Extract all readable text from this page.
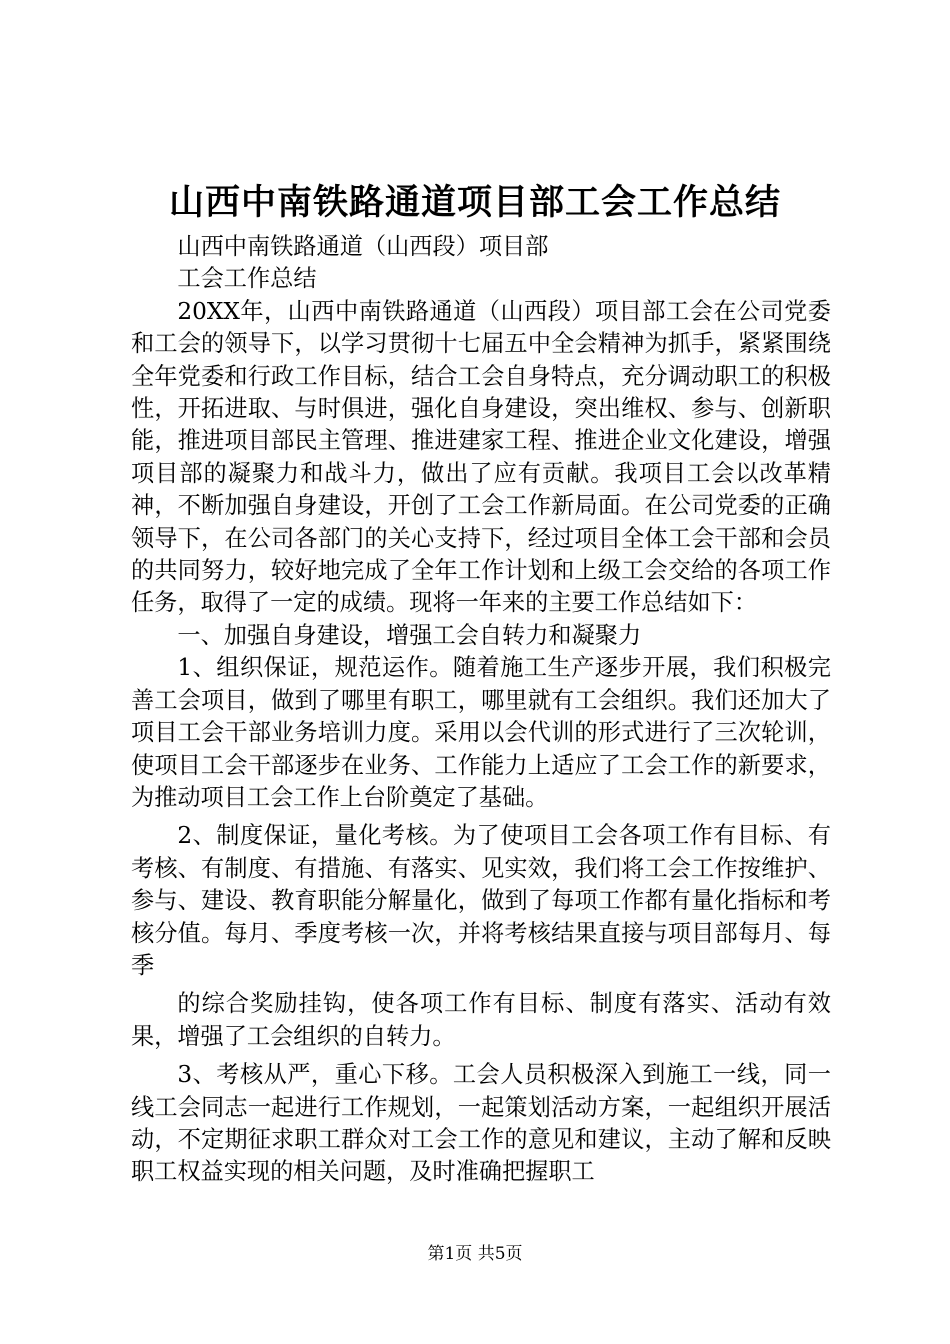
山西中南铁路通道项目部工会工作总结

山西中南铁路通道（山西段）项目部

工会工作总结

20XX年，山西中南铁路通道（山西段）项目部工会在公司党委和工会的领导下，以学习贯彻十七届五中全会精神为抓手，紧紧围绕全年党委和行政工作目标，结合工会自身特点，充分调动职工的积极性，开拓进取、与时俱进，强化自身建设，突出维权、参与、创新职能，推进项目部民主管理、推进建家工程、推进企业文化建设，增强项目部的凝聚力和战斗力，做出了应有贡献。我项目工会以改革精神，不断加强自身建设，开创了工会工作新局面。在公司党委的正确领导下，在公司各部门的关心支持下，经过项目全体工会干部和会员的共同努力，较好地完成了全年工作计划和上级工会交给的各项工作任务，取得了一定的成绩。现将一年来的主要工作总结如下：

一、加强自身建设，增强工会自转力和凝聚力

1、组织保证，规范运作。随着施工生产逐步开展，我们积极完善工会项目，做到了哪里有职工，哪里就有工会组织。我们还加大了项目工会干部业务培训力度。采用以会代训的形式进行了三次轮训，使项目工会干部逐步在业务、工作能力上适应了工会工作的新要求，为推动项目工会工作上台阶奠定了基础。

2、制度保证，量化考核。为了使项目工会各项工作有目标、有考核、有制度、有措施、有落实、见实效，我们将工会工作按维护、参与、建设、教育职能分解量化，做到了每项工作都有量化指标和考核分值。每月、季度考核一次，并将考核结果直接与项目部每月、每季

的综合奖励挂钩，使各项工作有目标、制度有落实、活动有效果，增强了工会组织的自转力。

3、考核从严，重心下移。工会人员积极深入到施工一线，同一线工会同志一起进行工作规划，一起策划活动方案，一起组织开展活动，不定期征求职工群众对工会工作的意见和建议，主动了解和反映职工权益实现的相关问题，及时准确把握职工

第1页 共5页
